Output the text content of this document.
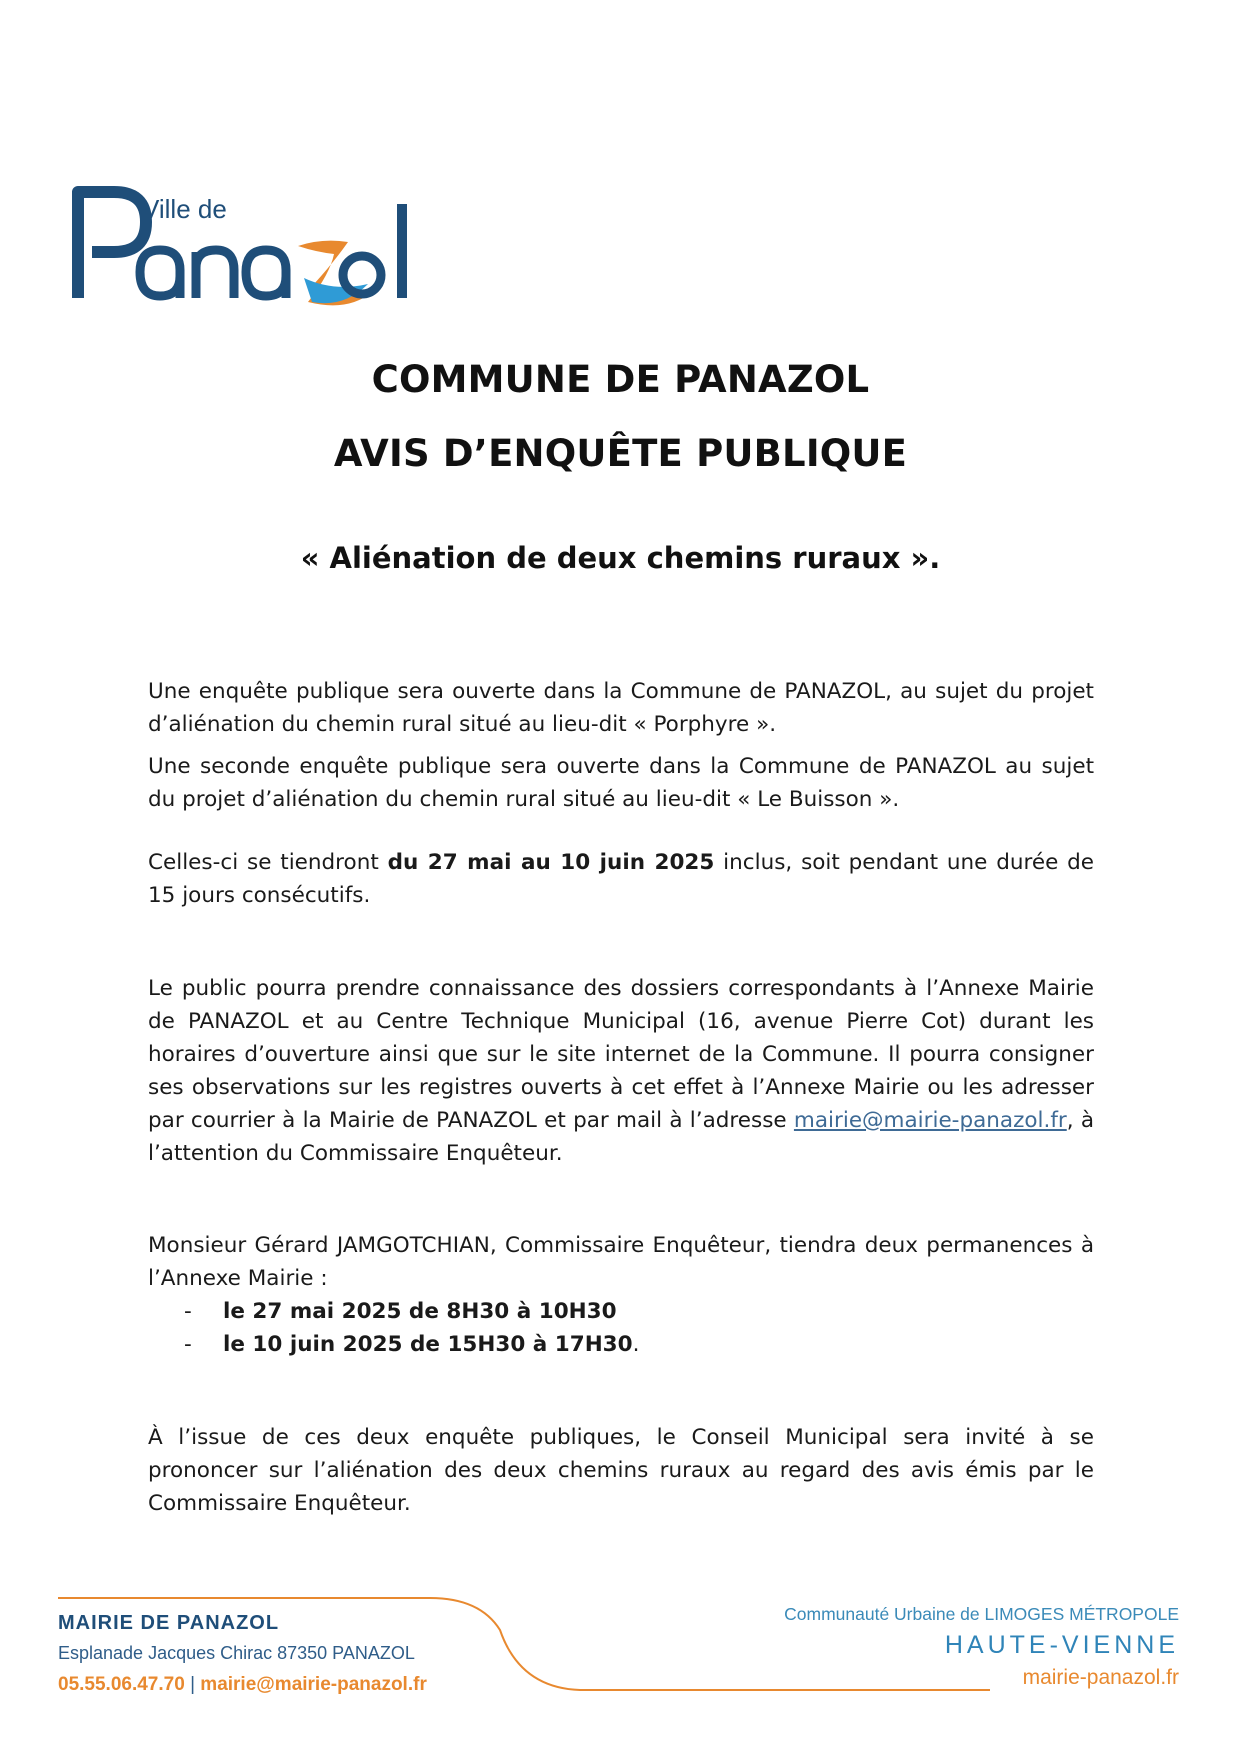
Ville de
COMMUNE DE PANAZOL
AVIS D’ENQUÊTE PUBLIQUE
« Aliénation de deux chemins ruraux ».

Une enquête publique sera ouverte dans la Commune de PANAZOL, au sujet du projet d’aliénation du chemin rural situé au lieu-dit « Porphyre ».

Une seconde enquête publique sera ouverte dans la Commune de PANAZOL au sujet du projet d’aliénation du chemin rural situé au lieu-dit « Le Buisson ».

Celles-ci se tiendront du 27 mai au 10 juin 2025 inclus, soit pendant une durée de 15 jours consécutifs.

Le public pourra prendre connaissance des dossiers correspondants à l’Annexe Mairie de PANAZOL et au Centre Technique Municipal (16, avenue Pierre Cot) durant les horaires d’ouverture ainsi que sur le site internet de la Commune. Il pourra consigner ses observations sur les registres ouverts à cet effet à l’Annexe Mairie ou les adresser par courrier à la Mairie de PANAZOL et par mail à l’adresse mairie@mairie-panazol.fr, à l’attention du Commissaire Enquêteur.

Monsieur Gérard JAMGOTCHIAN, Commissaire Enquêteur, tiendra deux permanences à l’Annexe Mairie :

-	le 27 mai 2025 de 8H30 à 10H30
-	le 10 juin 2025 de 15H30 à 17H30 .

À l’issue de ces deux enquête publiques, le Conseil Municipal sera invité à se prononcer sur l’aliénation des deux chemins ruraux au regard des avis émis par le Commissaire Enquêteur.

MAIRIE DE PANAZOL
Esplanade Jacques Chirac 87350 PANAZOL
05.55.06.47.70 | mairie@mairie-panazol.fr
Communauté Urbaine de LIMOGES MÉTROPOLE
HAUTE-VIENNE
mairie-panazol.fr
